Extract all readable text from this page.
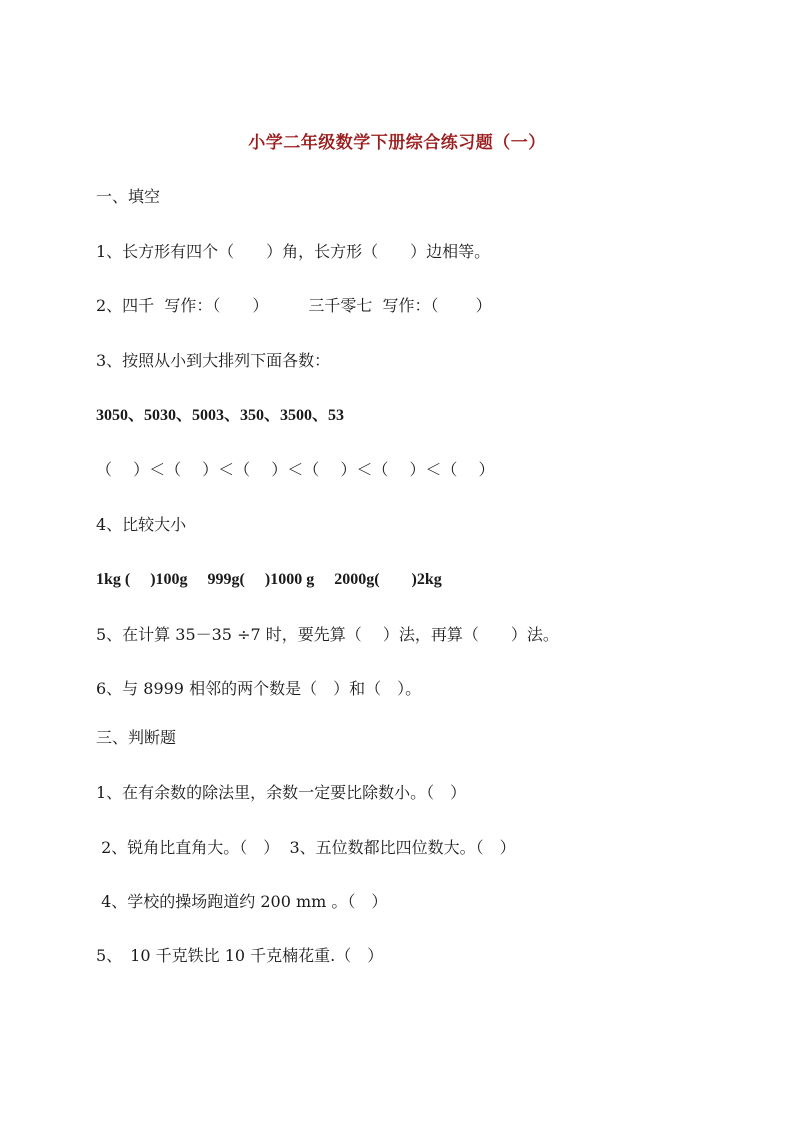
小学二年级数学下册综合练习题（一）
一、填空
1、长方形有四个（　　）角，长方形（　　）边相等。
2、四千  写作：（　　）　　　三千零七  写作：（　　 ）
3、按照从小到大排列下面各数：
3050、5030、5003、350、3500、53
（　 ）＜（　 ）＜（　 ）＜（　 ）＜（　 ）＜（　 ）
4、比较大小
1kg (　 )100g　 999g(　 )1000 g　 2000g(　　)2kg
5、在计算 35－35 ÷7 时，要先算（　 ）法，再算（　　）法。
6、与 8999 相邻的两个数是（　）和（　）。
三、判断题
1、在有余数的除法里，余数一定要比除数小。（　）
2、锐角比直角大。（　）  3、五位数都比四位数大。（　）
4、学校的操场跑道约 200 mm 。（　）
5、　10 千克铁比 10 千克楠花重.（　）
